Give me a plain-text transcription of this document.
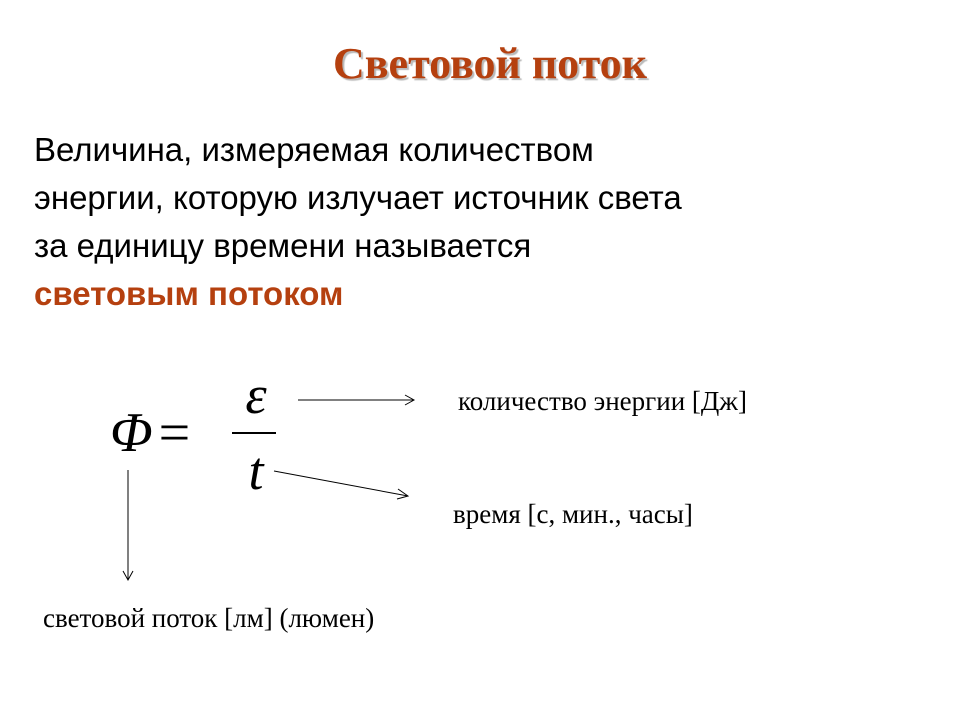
Световой поток
Величина, измеряемая количеством
энергии, которую излучает источник света
за единицу времени называется
световым потоком
Φ =
ε
t
количество энергии [Дж]
время [с, мин., часы]
световой поток [лм] (люмен)
